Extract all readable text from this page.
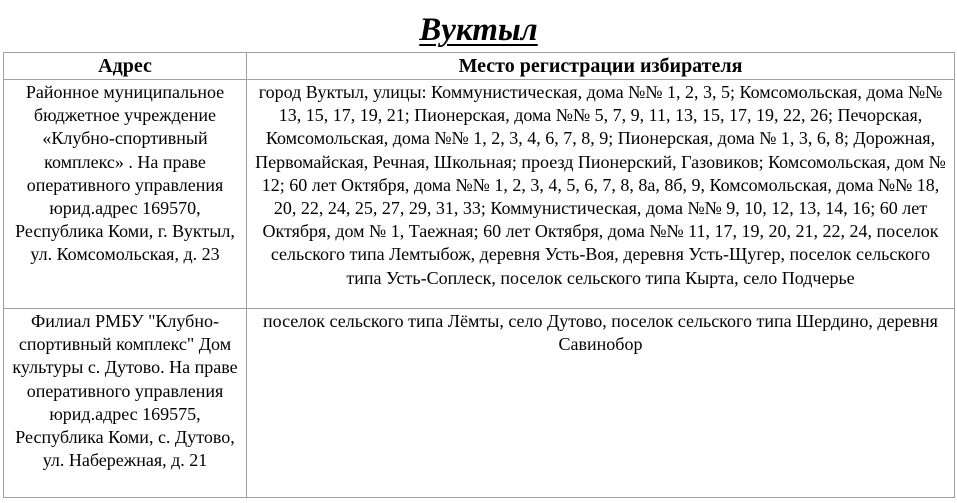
Вуктыл
Адрес	Место регистрации избирателя
Районное муниципальное бюджетное учреждение «Клубно-спортивный комплекс» . На праве оперативного управления юрид.адрес 169570, Республика Коми, г. Вуктыл, ул. Комсомольская, д. 23	город Вуктыл, улицы: Коммунистическая, дома №№ 1, 2, 3, 5; Комсомольская, дома №№ 13, 15, 17, 19, 21; Пионерская, дома №№ 5, 7, 9, 11, 13, 15, 17, 19, 22, 26; Печорская, Комсомольская, дома №№ 1, 2, 3, 4, 6, 7, 8, 9; Пионерская, дома № 1, 3, 6, 8; Дорожная, Первомайская, Речная, Школьная; проезд Пионерский, Газовиков; Комсомольская, дом № 12; 60 лет Октября, дома №№ 1, 2, 3, 4, 5, 6, 7, 8, 8а, 8б, 9, Комсомольская, дома №№ 18, 20, 22, 24, 25, 27, 29, 31, 33; Коммунистическая, дома №№ 9, 10, 12, 13, 14, 16; 60 лет Октября, дом № 1, Таежная; 60 лет Октября, дома №№ 11, 17, 19, 20, 21, 22, 24, поселок сельского типа Лемтыбож, деревня Усть-Воя, деревня Усть-Щугер, поселок сельского типа Усть-Соплеск, поселок сельского типа Кырта, село Подчерье
Филиал РМБУ "Клубно-спортивный комплекс" Дом культуры с. Дутово. На праве оперативного управления юрид.адрес 169575, Республика Коми, с. Дутово, ул. Набережная, д. 21	поселок сельского типа Лёмты, село Дутово, поселок сельского типа Шердино, деревня Савинобор
